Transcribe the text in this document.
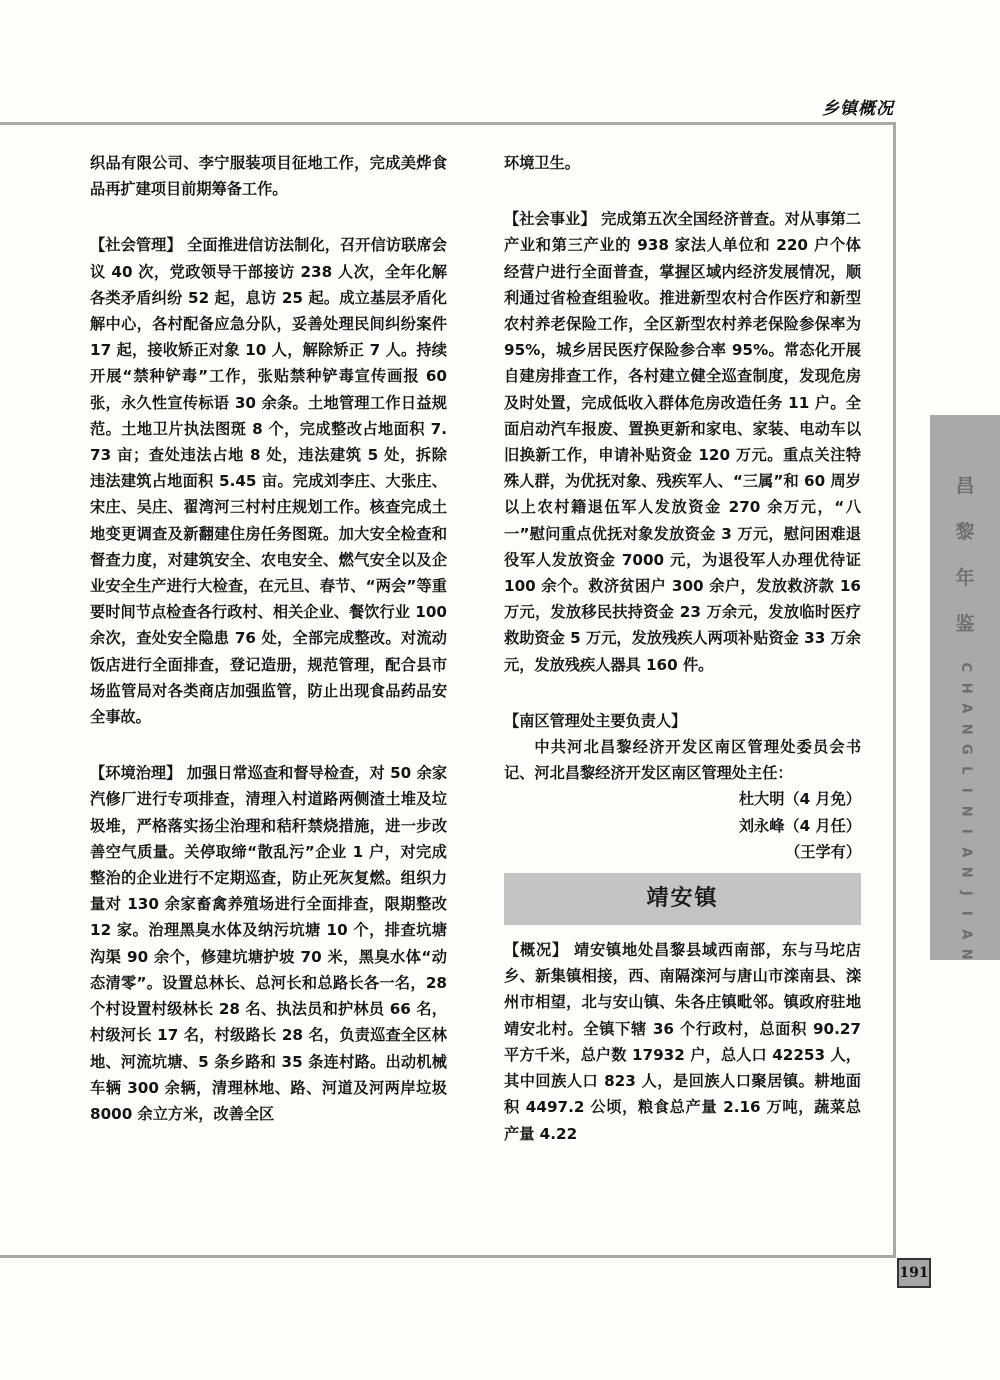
乡镇概况

织品有限公司、李宁服装项目征地工作，完成美烨食品再扩建项目前期筹备工作。

【社会管理】 全面推进信访法制化，召开信访联席会议 40 次，党政领导干部接访 238 人次，全年化解各类矛盾纠纷 52 起，息访 25 起。成立基层矛盾化解中心，各村配备应急分队，妥善处理民间纠纷案件 17 起，接收矫正对象 10 人，解除矫正 7 人。持续开展“禁种铲毒”工作，张贴禁种铲毒宣传画报 60 张，永久性宣传标语 30 余条。土地管理工作日益规范。土地卫片执法图斑 8 个，完成整改占地面积 7.73 亩；查处违法占地 8 处，违法建筑 5 处，拆除违法建筑占地面积 5.45 亩。完成刘李庄、大张庄、宋庄、吴庄、翟湾河三村村庄规划工作。核查完成土地变更调查及新翻建住房任务图斑。加大安全检查和督查力度，对建筑安全、农电安全、燃气安全以及企业安全生产进行大检查，在元旦、春节、“两会”等重要时间节点检查各行政村、相关企业、餐饮行业 100 余次，查处安全隐患 76 处，全部完成整改。对流动饭店进行全面排查，登记造册，规范管理，配合县市场监管局对各类商店加强监管，防止出现食品药品安全事故。

【环境治理】 加强日常巡查和督导检查，对 50 余家汽修厂进行专项排查，清理入村道路两侧渣土堆及垃圾堆，严格落实扬尘治理和秸秆禁烧措施，进一步改善空气质量。关停取缔“散乱污”企业 1 户，对完成整治的企业进行不定期巡查，防止死灰复燃。组织力量对 130 余家畜禽养殖场进行全面排查，限期整改 12 家。治理黑臭水体及纳污坑塘 10 个，排查坑塘沟渠 90 余个，修建坑塘护坡 70 米，黑臭水体“动态清零”。设置总林长、总河长和总路长各一名，28 个村设置村级林长 28 名、执法员和护林员 66 名，村级河长 17 名，村级路长 28 名，负责巡查全区林地、河流坑塘、5 条乡路和 35 条连村路。出动机械车辆 300 余辆，清理林地、路、河道及河两岸垃圾 8000 余立方米，改善全区

环境卫生。

【社会事业】 完成第五次全国经济普查。对从事第二产业和第三产业的 938 家法人单位和 220 户个体经营户进行全面普查，掌握区域内经济发展情况，顺利通过省检查组验收。推进新型农村合作医疗和新型农村养老保险工作，全区新型农村养老保险参保率为 95%，城乡居民医疗保险参合率 95%。常态化开展自建房排查工作，各村建立健全巡查制度，发现危房及时处置，完成低收入群体危房改造任务 11 户。全面启动汽车报废、置换更新和家电、家装、电动车以旧换新工作，申请补贴资金 120 万元。重点关注特殊人群，为优抚对象、残疾军人、“三属”和 60 周岁以上农村籍退伍军人发放资金 270 余万元，“八一”慰问重点优抚对象发放资金 3 万元，慰问困难退役军人发放资金 7000 元，为退役军人办理优待证 100 余个。救济贫困户 300 余户，发放救济款 16 万元，发放移民扶持资金 23 万余元，发放临时医疗救助资金 5 万元，发放残疾人两项补贴资金 33 万余元，发放残疾人器具 160 件。

【南区管理处主要负责人】
中共河北昌黎经济开发区南区管理处委员会书记、河北昌黎经济开发区南区管理处主任：
杜大明（4 月免）
刘永峰（4 月任）
（王学有）
靖安镇

【概况】 靖安镇地处昌黎县域西南部，东与马坨店乡、新集镇相接，西、南隔滦河与唐山市滦南县、滦州市相望，北与安山镇、朱各庄镇毗邻。镇政府驻地靖安北村。全镇下辖 36 个行政村，总面积 90.27 平方千米，总户数 17932 户，总人口 42253 人，其中回族人口 823 人，是回族人口聚居镇。耕地面积 4497.2 公顷，粮食总产量 2.16 万吨，蔬菜总产量 4.22

昌
黎
年
鉴
C
H
A
N
G
L
I
N
I
A
N
J
I
A
N
191
